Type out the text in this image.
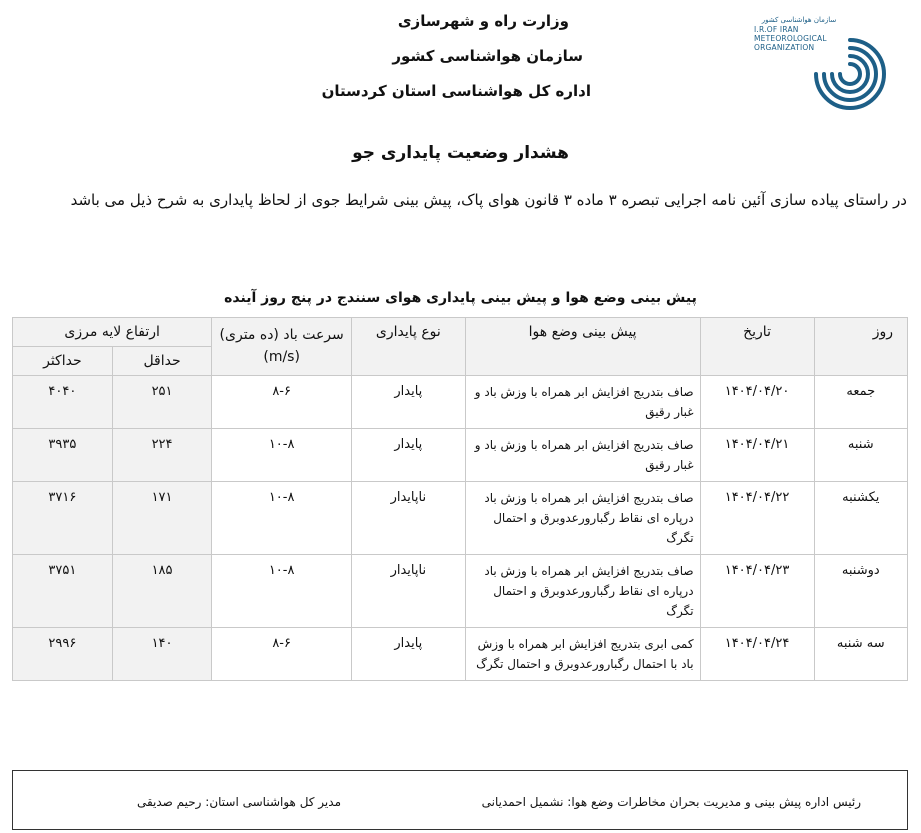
وزارت راه و شهرسازی
سازمان هواشناسی کشور
اداره کل هواشناسی استان کردستان
سازمان هواشناسی کشور
I.R.OF IRAN
METEOROLOGICAL
ORGANIZATION
هشدار وضعیت پایداری جو
در راستای پیاده سازی آئین نامه اجرایی تبصره ۳ ماده ۳ قانون هوای پاک، پیش بینی شرایط جوی از لحاظ پایداری به شرح ذیل می باشد
پیش بینی وضع هوا و پیش بینی پایداری هوای سنندج در پنج روز آینده
روز	تاریخ	پیش بینی وضع هوا	نوع پایداری	سرعت باد (ده متری) (m/s)	ارتفاع لایه مرزی	
					حداقل	حداکثر
جمعه	۱۴۰۴/۰۴/۲۰	صاف بتدریج افزایش ابر همراه با وزش باد و غبار رقیق	پایدار	۸-۶	۲۵۱	۴۰۴۰
شنبه	۱۴۰۴/۰۴/۲۱	صاف بتدریج افزایش ابر همراه با وزش باد و غبار رقیق	پایدار	۱۰-۸	۲۲۴	۳۹۳۵
یکشنبه	۱۴۰۴/۰۴/۲۲	صاف بتدریج افزایش ابر همراه با وزش باد درپاره ای نقاط رگبارورعدوبرق و احتمال تگرگ	ناپایدار	۱۰-۸	۱۷۱	۳۷۱۶
دوشنبه	۱۴۰۴/۰۴/۲۳	صاف بتدریج افزایش ابر همراه با وزش باد درپاره ای نقاط رگبارورعدوبرق و احتمال تگرگ	ناپایدار	۱۰-۸	۱۸۵	۳۷۵۱
سه شنبه	۱۴۰۴/۰۴/۲۴	کمی ابری بتدریج افزایش ابر همراه با وزش باد با احتمال رگبارورعدوبرق و احتمال تگرگ	پایدار	۸-۶	۱۴۰	۲۹۹۶
رئیس اداره پیش بینی و مدیریت بحران مخاطرات وضع هوا: نشمیل احمدیانی
مدیر کل هواشناسی استان: رحیم صدیقی
